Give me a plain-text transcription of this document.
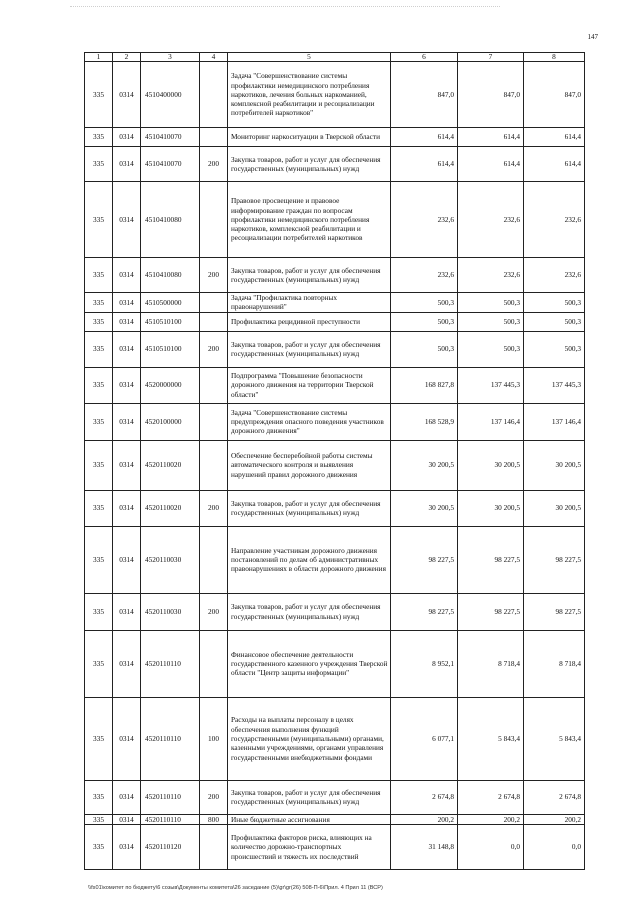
147
1	2	3	4	5	6	7	8
335	0314	4510400000		Задача "Совершенствование системы профилактики немедицинского потребления наркотиков, лечения больных наркоманией, комплексной реабилитации и ресоциализации потребителей наркотиков"	847,0	847,0	847,0
335	0314	4510410070		Мониторинг наркоситуации в Тверской области	614,4	614,4	614,4
335	0314	4510410070	200	Закупка товаров, работ и услуг для обеспечения государственных (муниципальных) нужд	614,4	614,4	614,4
335	0314	4510410080		Правовое просвещение и правовое информирование граждан по вопросам профилактики немедицинского потребления наркотиков, комплексной реабилитации и ресоциализации потребителей наркотиков	232,6	232,6	232,6
335	0314	4510410080	200	Закупка товаров, работ и услуг для обеспечения государственных (муниципальных) нужд	232,6	232,6	232,6
335	0314	4510500000		Задача "Профилактика повторных правонарушений"	500,3	500,3	500,3
335	0314	4510510100		Профилактика рецидивной преступности	500,3	500,3	500,3
335	0314	4510510100	200	Закупка товаров, работ и услуг для обеспечения государственных (муниципальных) нужд	500,3	500,3	500,3
335	0314	4520000000		Подпрограмма "Повышение безопасности дорожного движения на территории Тверской области"	168 827,8	137 445,3	137 445,3
335	0314	4520100000		Задача "Совершенствование системы предупреждения опасного поведения участников дорожного движения"	168 528,9	137 146,4	137 146,4
335	0314	4520110020		Обеспечение бесперебойной работы системы автоматического контроля и выявления нарушений правил дорожного движения	30 200,5	30 200,5	30 200,5
335	0314	4520110020	200	Закупка товаров, работ и услуг для обеспечения государственных (муниципальных) нужд	30 200,5	30 200,5	30 200,5
335	0314	4520110030		Направление участникам дорожного движения постановлений по делам об административных правонарушениях в области дорожного движения	98 227,5	98 227,5	98 227,5
335	0314	4520110030	200	Закупка товаров, работ и услуг для обеспечения государственных (муниципальных) нужд	98 227,5	98 227,5	98 227,5
335	0314	4520110110		Финансовое обеспечение деятельности государственного казенного учреждения Тверской области "Центр защиты информации"	8 952,1	8 718,4	8 718,4
335	0314	4520110110	100	Расходы на выплаты персоналу в целях обеспечения выполнения функций государственными (муниципальными) органами, казенными учреждениями, органами управления государственными внебюджетными фондами	6 077,1	5 843,4	5 843,4
335	0314	4520110110	200	Закупка товаров, работ и услуг для обеспечения государственных (муниципальных) нужд	2 674,8	2 674,8	2 674,8
335	0314	4520110110	800	Иные бюджетные ассигнования	200,2	200,2	200,2
335	0314	4520110120		Профилактика факторов риска, влияющих на количество дорожно-транспортных происшествий и тяжесть их последствий	31 148,8	0,0	0,0
\\fs01\комитет по бюджету\6 созыв\Документы комитета\26 заседание (5)\gr\gr(26) 508-П-6\Прил. 4 Прил 11 (ВСР)
